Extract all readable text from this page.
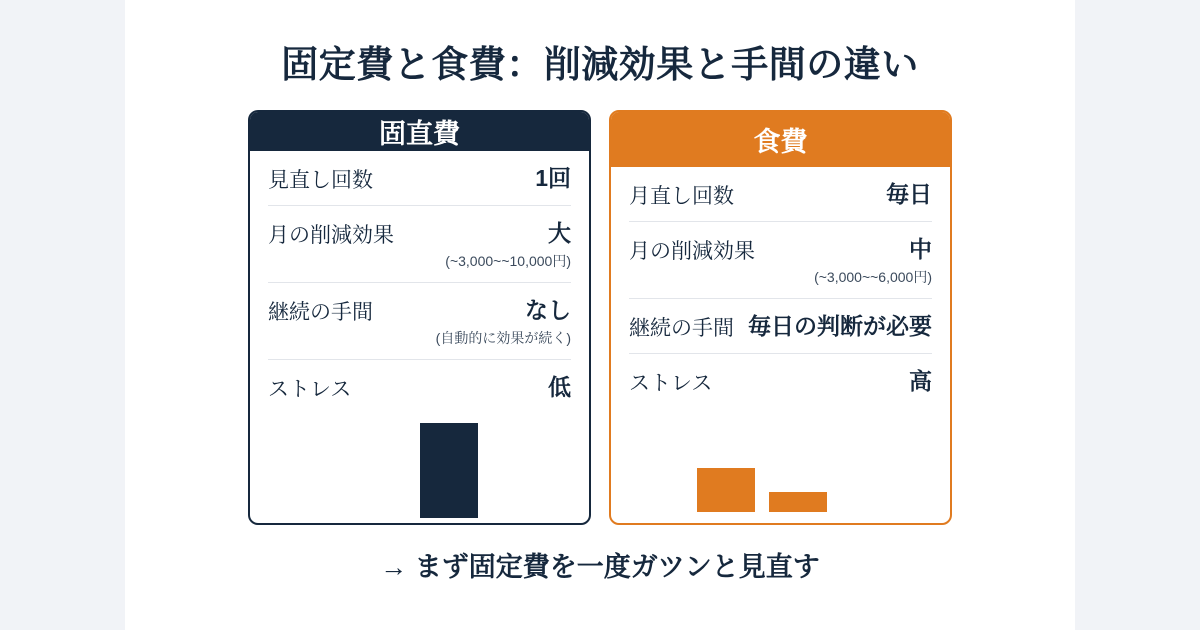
固定費と食費：削減効果と手間の違い
固直費
見直し回数	1回
月の削減効果	大
(~3,000~~10,000円)
継続の手間	なし
(自動的に効果が続く)
ストレス	低
食費
月直し回数	毎日
月の削減効果	中
(~3,000~~6,000円)
継続の手間 毎日の判断が必要
ストレス	高
→ まず固定費を一度ガツンと見直す
